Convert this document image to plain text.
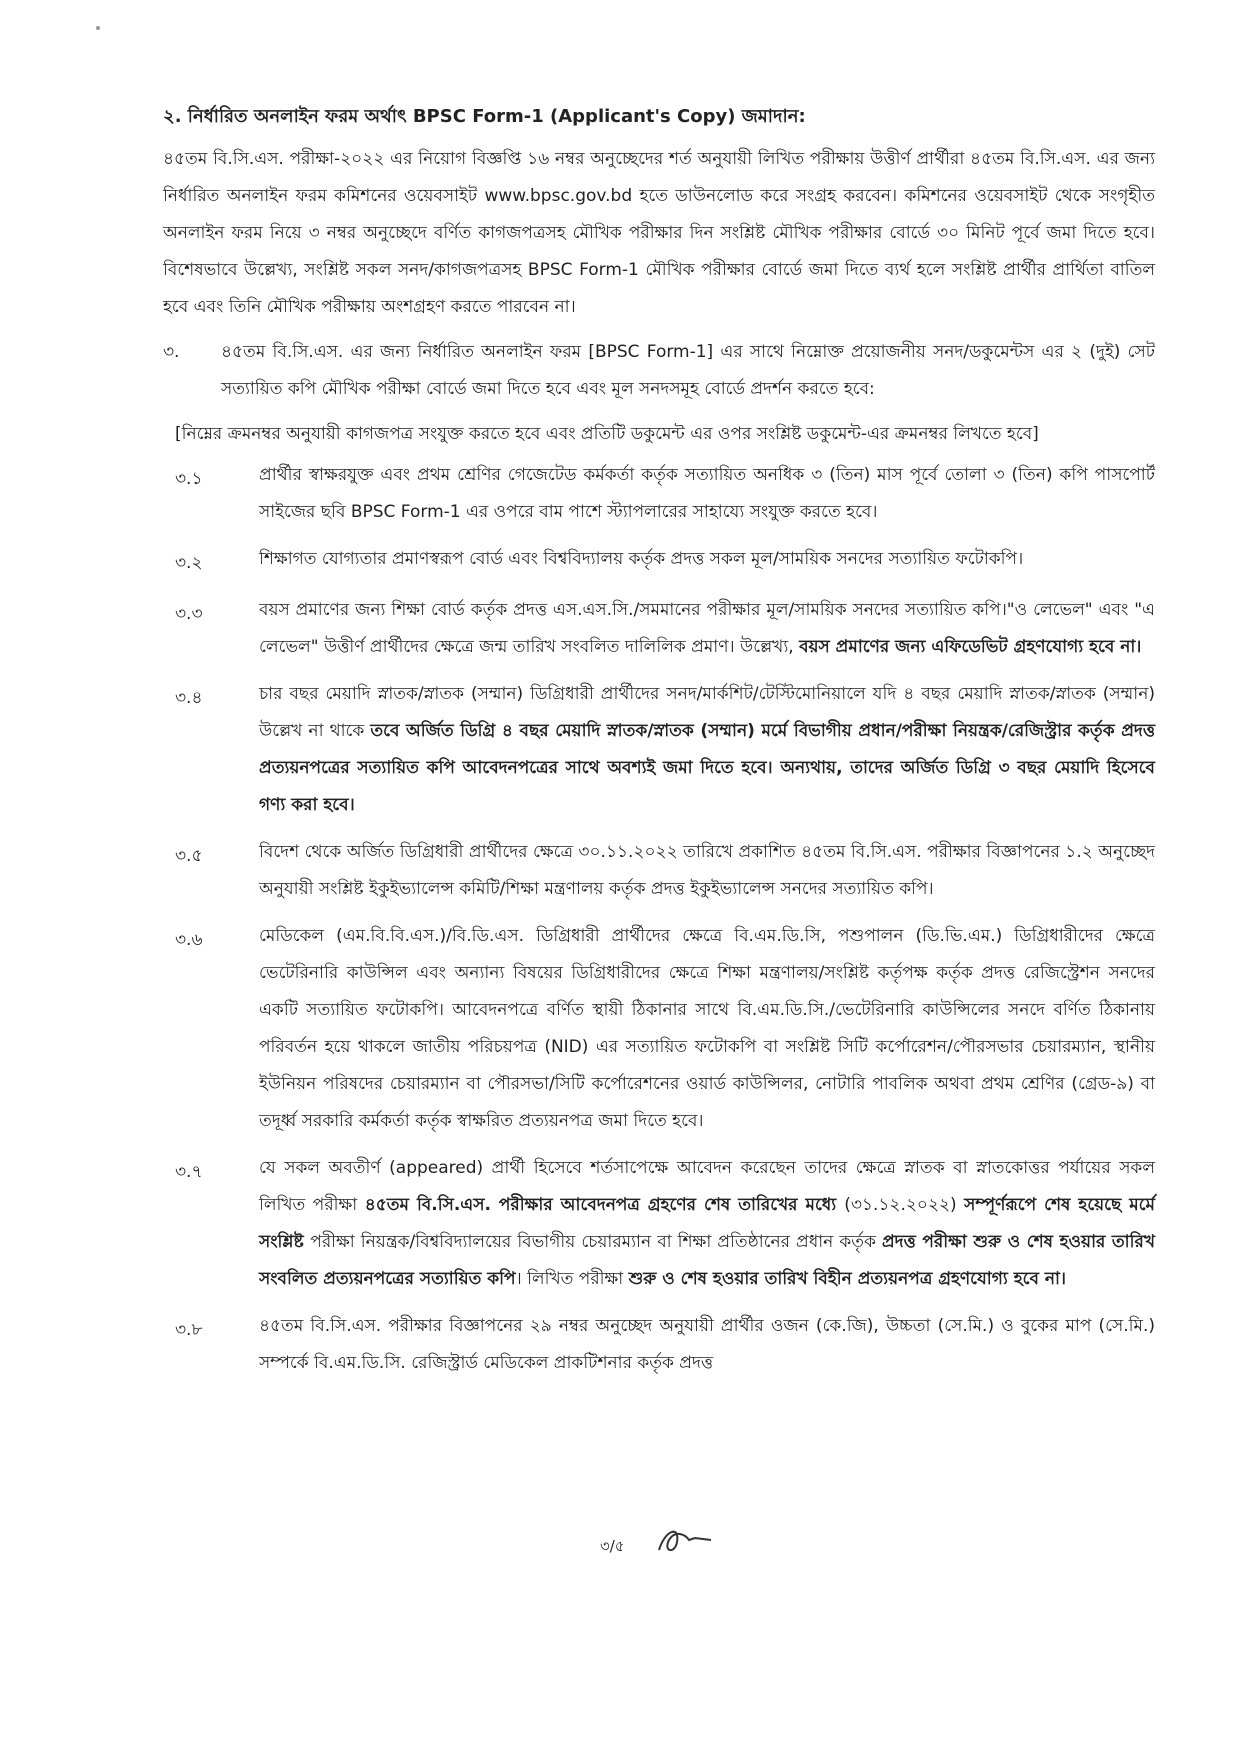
২. নির্ধারিত অনলাইন ফরম অর্থাৎ BPSC Form-1 (Applicant's Copy) জমাদান:

৪৫তম বি.সি.এস. পরীক্ষা-২০২২ এর নিয়োগ বিজ্ঞপ্তি ১৬ নম্বর অনুচ্ছেদের শর্ত অনুযায়ী লিখিত পরীক্ষায় উত্তীর্ণ প্রার্থীরা ৪৫তম বি.সি.এস. এর জন্য নির্ধারিত অনলাইন ফরম কমিশনের ওয়েবসাইট www.bpsc.gov.bd হতে ডাউনলোড করে সংগ্রহ করবেন। কমিশনের ওয়েবসাইট থেকে সংগৃহীত অনলাইন ফরম নিয়ে ৩ নম্বর অনুচ্ছেদে বর্ণিত কাগজপত্রসহ মৌখিক পরীক্ষার দিন সংশ্লিষ্ট মৌখিক পরীক্ষার বোর্ডে ৩০ মিনিট পূর্বে জমা দিতে হবে। বিশেষভাবে উল্লেখ্য, সংশ্লিষ্ট সকল সনদ/কাগজপত্রসহ BPSC Form-1 মৌখিক পরীক্ষার বোর্ডে জমা দিতে ব্যর্থ হলে সংশ্লিষ্ট প্রার্থীর প্রার্থিতা বাতিল হবে এবং তিনি মৌখিক পরীক্ষায় অংশগ্রহণ করতে পারবেন না।

৩.	৪৫তম বি.সি.এস. এর জন্য নির্ধারিত অনলাইন ফরম [BPSC Form-1] এর সাথে নিম্নোক্ত প্রয়োজনীয় সনদ/ডকুমেন্টস এর ২ (দুই) সেট সত্যায়িত কপি মৌখিক পরীক্ষা বোর্ডে জমা দিতে হবে এবং মূল সনদসমূহ বোর্ডে প্রদর্শন করতে হবে:
[নিম্নের ক্রমনম্বর অনুযায়ী কাগজপত্র সংযুক্ত করতে হবে এবং প্রতিটি ডকুমেন্ট এর ওপর সংশ্লিষ্ট ডকুমেন্ট-এর ক্রমনম্বর লিখতে হবে]
৩.১	প্রার্থীর স্বাক্ষরযুক্ত এবং প্রথম শ্রেণির গেজেটেড কর্মকর্তা কর্তৃক সত্যায়িত অনধিক ৩ (তিন) মাস পূর্বে তোলা ৩ (তিন) কপি পাসপোর্ট সাইজের ছবি BPSC Form-1 এর ওপরে বাম পাশে স্ট্যাপলারের সাহায্যে সংযুক্ত করতে হবে।
৩.২	শিক্ষাগত যোগ্যতার প্রমাণস্বরূপ বোর্ড এবং বিশ্ববিদ্যালয় কর্তৃক প্রদত্ত সকল মূল/সাময়িক সনদের সত্যায়িত ফটোকপি।
৩.৩	বয়স প্রমাণের জন্য শিক্ষা বোর্ড কর্তৃক প্রদত্ত এস.এস.সি./সমমানের পরীক্ষার মূল/সাময়িক সনদের সত্যায়িত কপি।"ও লেভেল" এবং "এ লেভেল" উত্তীর্ণ প্রার্থীদের ক্ষেত্রে জন্ম তারিখ সংবলিত দালিলিক প্রমাণ। উল্লেখ্য, বয়স প্রমাণের জন্য এফিডেভিট গ্রহণযোগ্য হবে না।
৩.৪	চার বছর মেয়াদি স্নাতক/স্নাতক (সম্মান) ডিগ্রিধারী প্রার্থীদের সনদ/মার্কশিট/টেস্টিমোনিয়ালে যদি ৪ বছর মেয়াদি স্নাতক/স্নাতক (সম্মান) উল্লেখ না থাকে তবে অর্জিত ডিগ্রি ৪ বছর মেয়াদি স্নাতক/স্নাতক (সম্মান) মর্মে বিভাগীয় প্রধান/পরীক্ষা নিয়ন্ত্রক/রেজিস্ট্রার কর্তৃক প্রদত্ত প্রত্যয়নপত্রের সত্যায়িত কপি আবেদনপত্রের সাথে অবশ্যই জমা দিতে হবে। অন্যথায়, তাদের অর্জিত ডিগ্রি ৩ বছর মেয়াদি হিসেবে গণ্য করা হবে।
৩.৫	বিদেশ থেকে অর্জিত ডিগ্রিধারী প্রার্থীদের ক্ষেত্রে ৩০.১১.২০২২ তারিখে প্রকাশিত ৪৫তম বি.সি.এস. পরীক্ষার বিজ্ঞাপনের ১.২ অনুচ্ছেদ অনুযায়ী সংশ্লিষ্ট ইকুইভ্যালেন্স কমিটি/শিক্ষা মন্ত্রণালয় কর্তৃক প্রদত্ত ইকুইভ্যালেন্স সনদের সত্যায়িত কপি।
৩.৬	মেডিকেল (এম.বি.বি.এস.)/বি.ডি.এস. ডিগ্রিধারী প্রার্থীদের ক্ষেত্রে বি.এম.ডি.সি, পশুপালন (ডি.ভি.এম.) ডিগ্রিধারীদের ক্ষেত্রে ভেটেরিনারি কাউন্সিল এবং অন্যান্য বিষয়ের ডিগ্রিধারীদের ক্ষেত্রে শিক্ষা মন্ত্রণালয়/সংশ্লিষ্ট কর্তৃপক্ষ কর্তৃক প্রদত্ত রেজিস্ট্রেশন সনদের একটি সত্যায়িত ফটোকপি। আবেদনপত্রে বর্ণিত স্থায়ী ঠিকানার সাথে বি.এম.ডি.সি./ভেটেরিনারি কাউন্সিলের সনদে বর্ণিত ঠিকানায় পরিবর্তন হয়ে থাকলে জাতীয় পরিচয়পত্র (NID) এর সত্যায়িত ফটোকপি বা সংশ্লিষ্ট সিটি কর্পোরেশন/পৌরসভার চেয়ারম্যান, স্থানীয় ইউনিয়ন পরিষদের চেয়ারম্যান বা পৌরসভা/সিটি কর্পোরেশনের ওয়ার্ড কাউন্সিলর, নোটারি পাবলিক অথবা প্রথম শ্রেণির (গ্রেড-৯) বা তদূর্ধ্ব সরকারি কর্মকর্তা কর্তৃক স্বাক্ষরিত প্রত্যয়নপত্র জমা দিতে হবে।
৩.৭	যে সকল অবতীর্ণ (appeared) প্রার্থী হিসেবে শর্তসাপেক্ষে আবেদন করেছেন তাদের ক্ষেত্রে স্নাতক বা স্নাতকোত্তর পর্যায়ের সকল লিখিত পরীক্ষা ৪৫তম বি.সি.এস. পরীক্ষার আবেদনপত্র গ্রহণের শেষ তারিখের মধ্যে (৩১.১২.২০২২) সম্পূর্ণরূপে শেষ হয়েছে মর্মে সংশ্লিষ্ট পরীক্ষা নিয়ন্ত্রক/বিশ্ববিদ্যালয়ের বিভাগীয় চেয়ারম্যান বা শিক্ষা প্রতিষ্ঠানের প্রধান কর্তৃক প্রদত্ত পরীক্ষা শুরু ও শেষ হওয়ার তারিখ সংবলিত প্রত্যয়নপত্রের সত্যায়িত কপি। লিখিত পরীক্ষা শুরু ও শেষ হওয়ার তারিখ বিহীন প্রত্যয়নপত্র গ্রহণযোগ্য হবে না।
৩.৮	৪৫তম বি.সি.এস. পরীক্ষার বিজ্ঞাপনের ২৯ নম্বর অনুচ্ছেদ অনুযায়ী প্রার্থীর ওজন (কে.জি), উচ্চতা (সে.মি.) ও বুকের মাপ (সে.মি.) সম্পর্কে বি.এম.ডি.সি. রেজিস্ট্রার্ড মেডিকেল প্রাকটিশনার কর্তৃক প্রদত্ত
৩/৫
